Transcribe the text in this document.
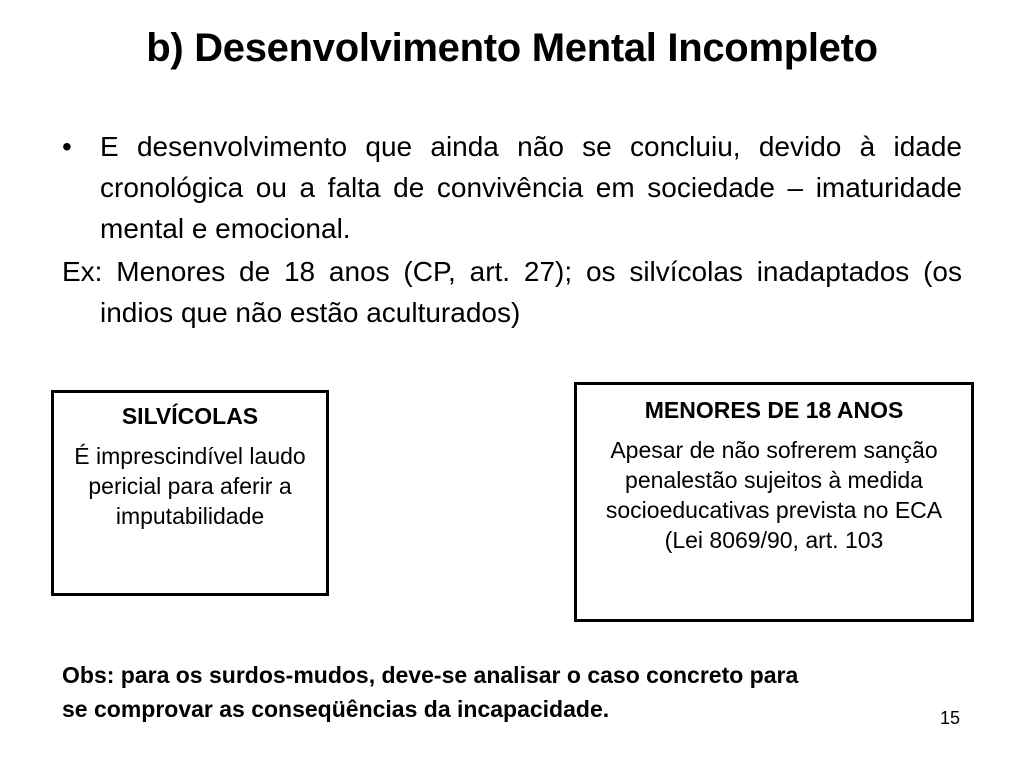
b) Desenvolvimento Mental Incompleto
• E desenvolvimento que ainda não se concluiu, devido à idade cronológica ou a falta de convivência em sociedade – imaturidade mental e emocional.
Ex: Menores de 18 anos (CP, art. 27); os silvícolas inadaptados (os indios que não estão aculturados)
SILVÍCOLAS
É imprescindível laudo pericial para aferir a imputabilidade
MENORES DE 18 ANOS
Apesar de não sofrerem sanção penalestão sujeitos à medida socioeducativas prevista no ECA (Lei 8069/90, art. 103
Obs: para os surdos-mudos, deve-se analisar o caso concreto para se comprovar as conseqüências da incapacidade.	15
